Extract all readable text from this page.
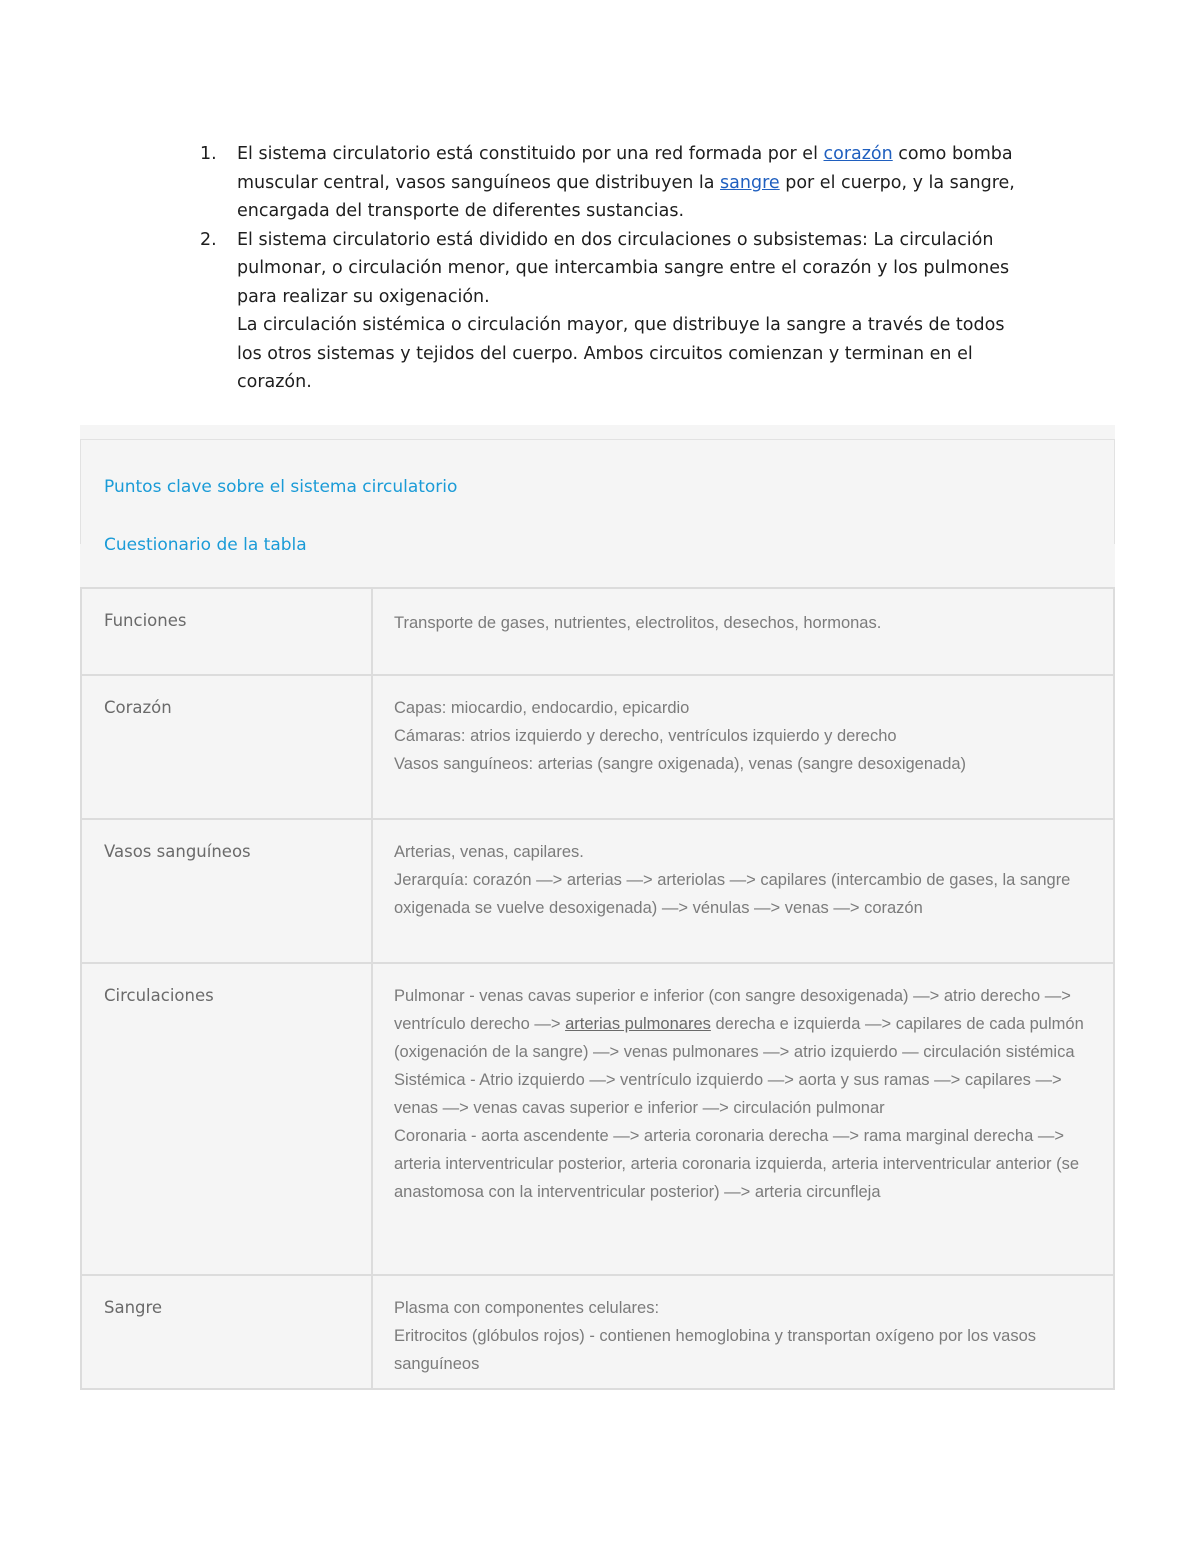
1.	El sistema circulatorio está constituido por una red formada por el corazón como bomba muscular central, vasos sanguíneos que distribuyen la sangre por el cuerpo, y la sangre, encargada del transporte de diferentes sustancias.
2.	El sistema circulatorio está dividido en dos circulaciones o subsistemas: La circulación pulmonar, o circulación menor, que intercambia sangre entre el corazón y los pulmones para realizar su oxigenación.
La circulación sistémica o circulación mayor, que distribuye la sangre a través de todos los otros sistemas y tejidos del cuerpo. Ambos circuitos comienzan y terminan en el corazón.
Puntos clave sobre el sistema circulatorio
Cuestionario de la tabla
Funciones	Transporte de gases, nutrientes, electrolitos, desechos, hormonas.

Corazón	Capas: miocardio, endocardio, epicardio
Cámaras: atrios izquierdo y derecho, ventrículos izquierdo y derecho
Vasos sanguíneos: arterias (sangre oxigenada), venas (sangre desoxigenada)

Vasos sanguíneos	Arterias, venas, capilares.
Jerarquía: corazón —> arterias —> arteriolas —> capilares (intercambio de gases, la sangre oxigenada se vuelve desoxigenada) —> vénulas —> venas —> corazón

Circulaciones	Pulmonar - venas cavas superior e inferior (con sangre desoxigenada) —> atrio derecho —> ventrículo derecho —> arterias pulmonares derecha e izquierda —> capilares de cada pulmón (oxigenación de la sangre) —> venas pulmonares —> atrio izquierdo — circulación sistémica
Sistémica - Atrio izquierdo —> ventrículo izquierdo —> aorta y sus ramas —> capilares —> venas —> venas cavas superior e inferior —> circulación pulmonar
Coronaria - aorta ascendente —> arteria coronaria derecha —> rama marginal derecha —> arteria interventricular posterior, arteria coronaria izquierda, arteria interventricular anterior (se anastomosa con la interventricular posterior) —> arteria circunfleja

Sangre	Plasma con componentes celulares:
Eritrocitos (glóbulos rojos) - contienen hemoglobina y transportan oxígeno por los vasos sanguíneos
